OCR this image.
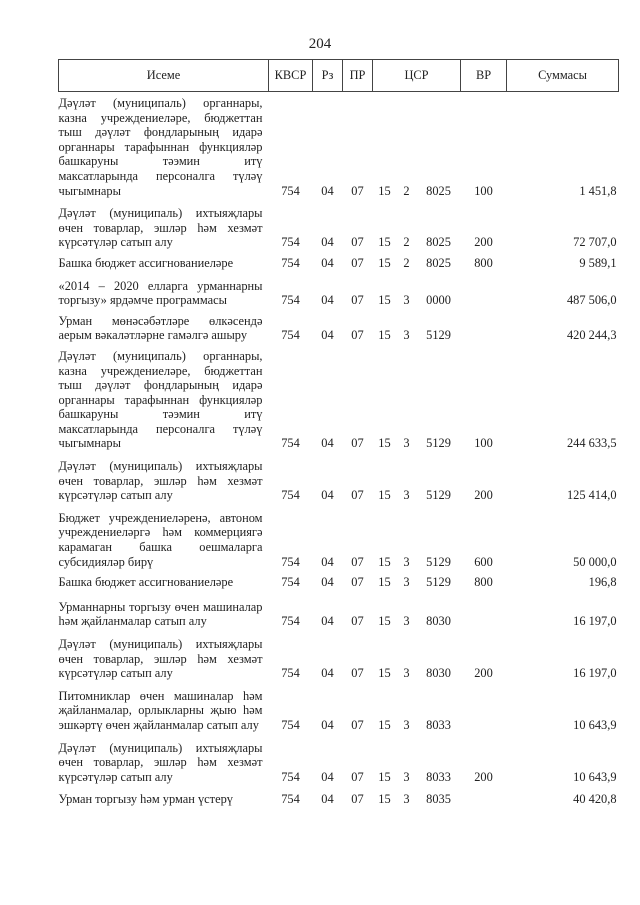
204
Исеме	КВСР	Рз	ПР	ЦСР			ВР	Суммасы
Дәүләт (муниципаль) органнары, казна учреждениеләре, бюджеттан тыш дәүләт фондларының идарә органнары тарафыннан функцияләр башкаруны тәэмин итү максатларында персоналга түләү чыгымнары	754	04	07	15	2	8025	100	1 451,8
Дәүләт (муниципаль) ихтыяҗлары өчен товарлар, эшләр һәм хезмәт күрсәтүләр сатып алу	754	04	07	15	2	8025	200	72 707,0
Башка бюджет ассигнованиеләре	754	04	07	15	2	8025	800	9 589,1
«2014 – 2020 елларга урманнарны торгызу» ярдәмче программасы	754	04	07	15	3	0000		487 506,0
Урман мөнәсәбәтләре өлкәсендә аерым вәкаләтләрне гамәлгә ашыру	754	04	07	15	3	5129		420 244,3
Дәүләт (муниципаль) органнары, казна учреждениеләре, бюджеттан тыш дәүләт фондларының идарә органнары тарафыннан функцияләр башкаруны тәэмин итү максатларында персоналга түләү чыгымнары	754	04	07	15	3	5129	100	244 633,5
Дәүләт (муниципаль) ихтыяҗлары өчен товарлар, эшләр һәм хезмәт күрсәтүләр сатып алу	754	04	07	15	3	5129	200	125 414,0
Бюджет учреждениеләренә, автоном учреждениеләргә һәм коммерциягә карамаган башка оешмаларга субсидияләр бирү	754	04	07	15	3	5129	600	50 000,0
Башка бюджет ассигнованиеләре	754	04	07	15	3	5129	800	196,8
Урманнарны торгызу өчен машиналар һәм җайланмалар сатып алу	754	04	07	15	3	8030		16 197,0
Дәүләт (муниципаль) ихтыяҗлары өчен товарлар, эшләр һәм хезмәт күрсәтүләр сатып алу	754	04	07	15	3	8030	200	16 197,0
Питомниклар өчен машиналар һәм җайланмалар, орлыкларны җыю һәм эшкәртү өчен җайланмалар сатып алу	754	04	07	15	3	8033		10 643,9
Дәүләт (муниципаль) ихтыяҗлары өчен товарлар, эшләр һәм хезмәт күрсәтүләр сатып алу	754	04	07	15	3	8033	200	10 643,9
Урман торгызу һәм урман үстерү	754	04	07	15	3	8035		40 420,8
